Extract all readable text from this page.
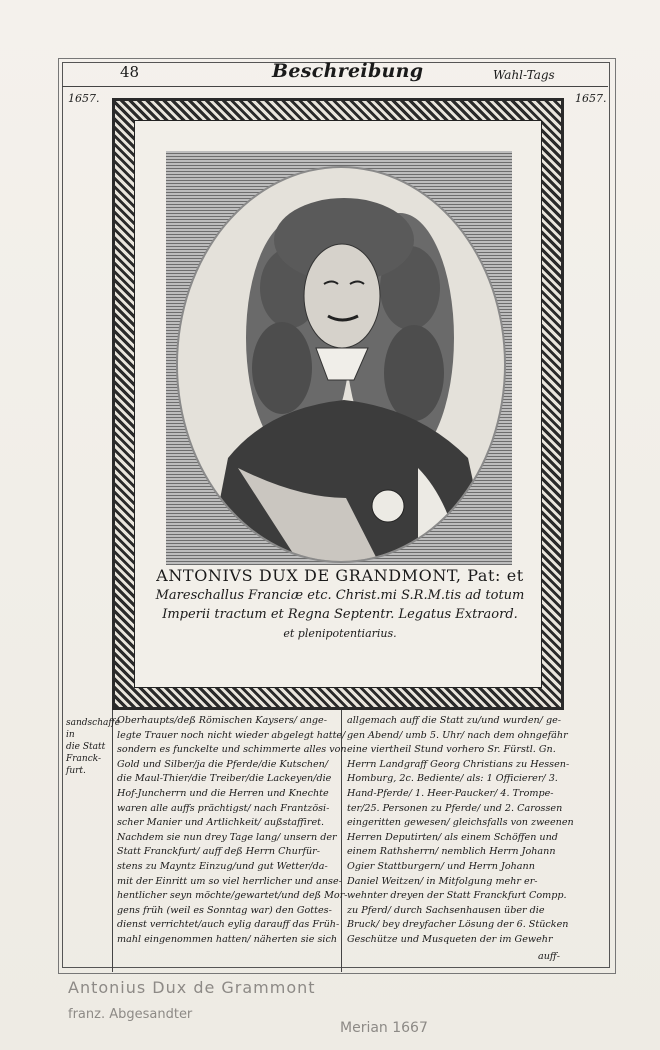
48	Beschreibung	Wahl-Tags
1657.	1657.
ANTONIVS DUX DE GRANDMONT, Pat: et
Mareschallus Franciæ etc. Christ.mi S.R.M.tis ad totum
Imperii tractum et Regna Septentr. Legatus Extraord.
et plenipotentiarius.
sandschaffe in
die Statt
Franck-
furt.
Oberhaupts/deß Römischen Kaysers/ ange-
legte Trauer noch nicht wieder abgelegt hatte/
sondern es funckelte und schimmerte alles von
Gold und Silber/ja die Pferde/die Kutschen/
die Maul-Thier/die Treiber/die Lackeyen/die
Hof-Juncherrn und die Herren und Knechte
waren alle auffs prächtigst/ nach Frantzösi-
scher Manier und Artlichkeit/ außstaffiret.
Nachdem sie nun drey Tage lang/ unsern der
Statt Franckfurt/ auff deß Herrn Churfür-
stens zu Mayntz Einzug/und gut Wetter/da-
mit der Einritt um so viel herrlicher und anse-
hentlicher seyn möchte/gewartet/und deß Mor-
gens früh (weil es Sonntag war) den Gottes-
dienst verrichtet/auch eylig darauff das Früh-
mahl eingenommen hatten/ näherten sie sich
allgemach auff die Statt zu/und wurden/ ge-
gen Abend/ umb 5. Uhr/ nach dem ohngefähr
eine viertheil Stund vorhero Sr. Fürstl. Gn.
Herrn Landgraff Georg Christians zu Hessen-
Homburg, 2c. Bediente/ als: 1 Officierer/ 3.
Hand-Pferde/ 1. Heer-Paucker/ 4. Trompe-
ter/25. Personen zu Pferde/ und 2. Carossen
eingeritten gewesen/ gleichsfalls von zweenen
Herren Deputirten/ als einem Schöffen und
einem Rathsherrn/ nemblich Herrn Johann
Ogier Stattburgern/ und Herrn Johann
Daniel Weitzen/ in Mitfolgung mehr er-
wehnter dreyen der Statt Franckfurt Compp.
zu Pferd/ durch Sachsenhausen über die
Bruck/ bey dreyfacher Lösung der 6. Stücken
Geschütze und Musqueten der im Gewehr
auff-
Antonius Dux de Grammont
franz. Abgesandter
Merian 1667
